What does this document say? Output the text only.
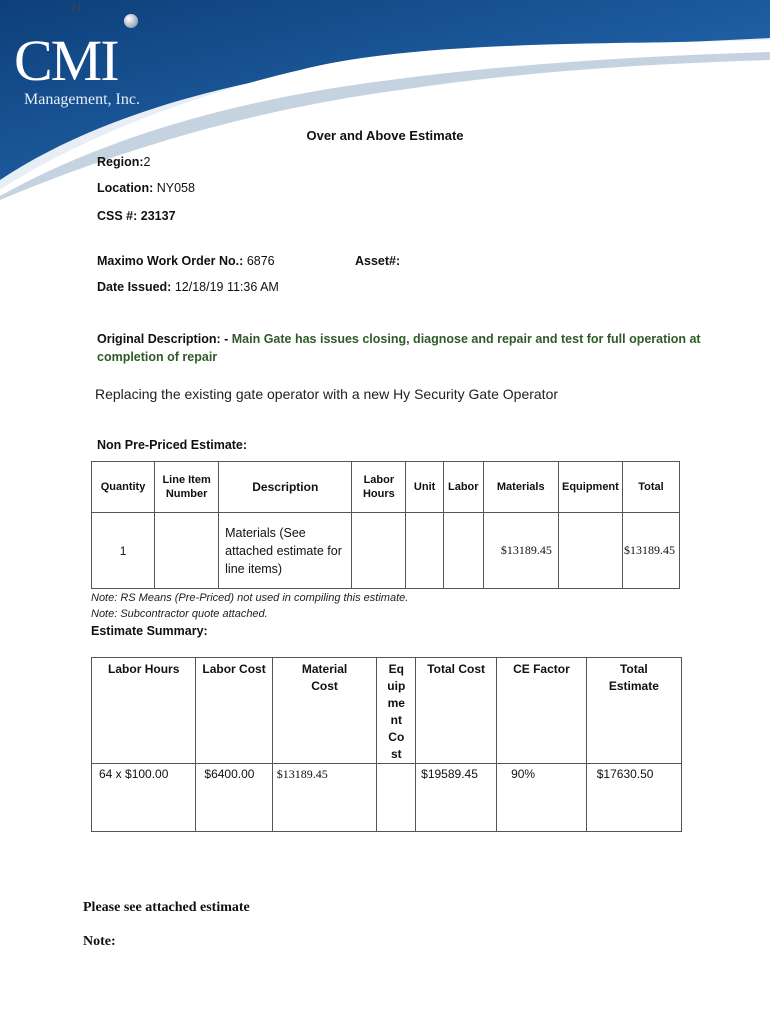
21
CMI
Management, Inc.
Over and Above Estimate
Region:2
Location: NY058
CSS #: 23137
Maximo Work Order No.: 6876	Asset#:
Date Issued: 12/18/19 11:36 AM
Original Description: - Main Gate has issues closing, diagnose and repair and test for full operation at completion of repair
Replacing the existing gate operator with a new Hy Security Gate Operator
Non Pre-Priced Estimate:
Quantity	Line Item Number	Description	Labor Hours	Unit	Labor	Materials	Equipment	Total
1		Materials (See attached estimate for line items)				$13189.45		$13189.45
Note: RS Means (Pre-Priced) not used in compiling this estimate.
Note: Subcontractor quote attached.
Estimate Summary:
Labor Hours	Labor Cost	Material Cost	Equipment Cost	Total Cost	CE Factor	Total Estimate
64 x $100.00	$6400.00	$13189.45		$19589.45	90%	$17630.50
Please see attached estimate
Note:
